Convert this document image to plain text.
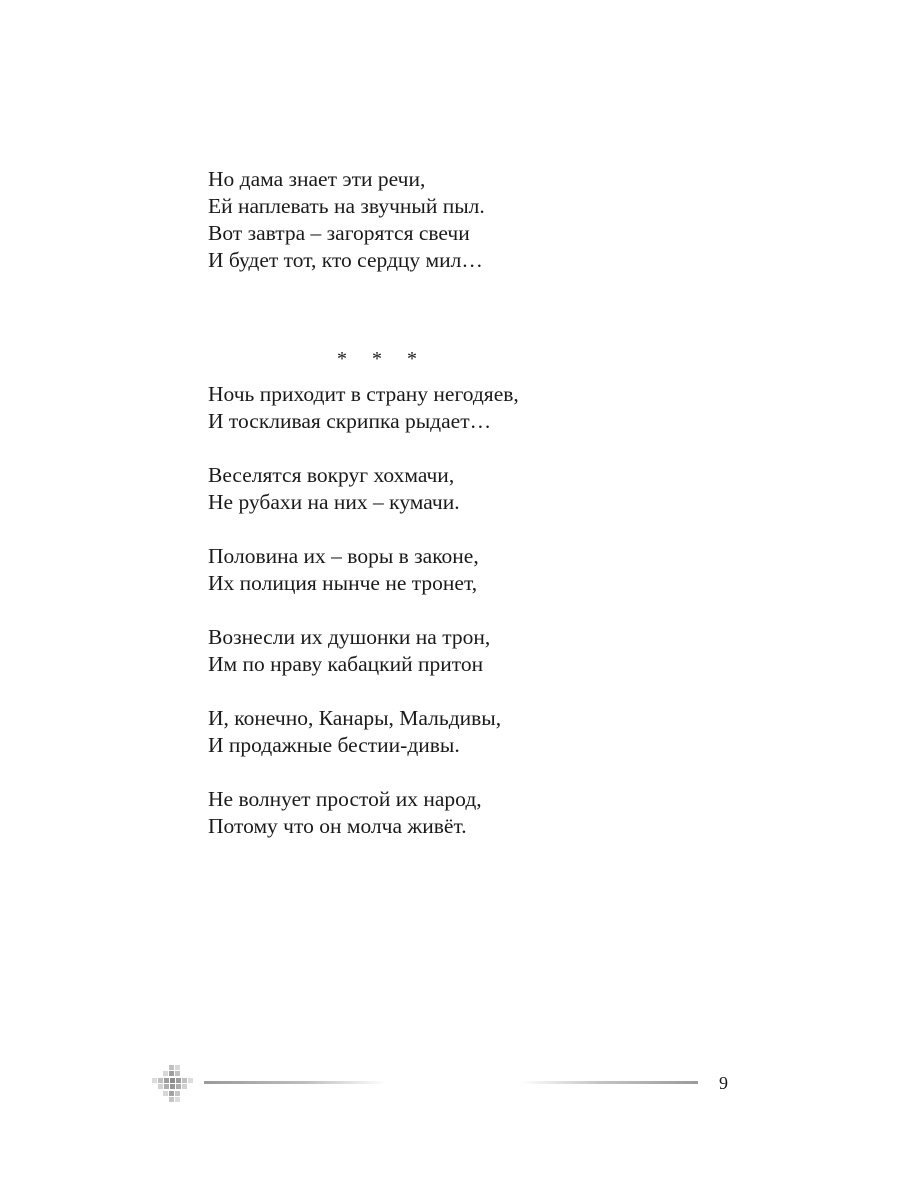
Но дама знает эти речи,
Ей наплевать на звучный пыл.
Вот завтра – загорятся свечи
И будет тот, кто сердцу мил…
* * *
Ночь приходит в страну негодяев,
И тоскливая скрипка рыдает…
Веселятся вокруг хохмачи,
Не рубахи на них – кумачи.
Половина их – воры в законе,
Их полиция нынче не тронет,
Вознесли их душонки на трон,
Им по нраву кабацкий притон
И, конечно, Канары, Мальдивы,
И продажные бестии-дивы.
Не волнует простой их народ,
Потому что он молча живёт.
9
